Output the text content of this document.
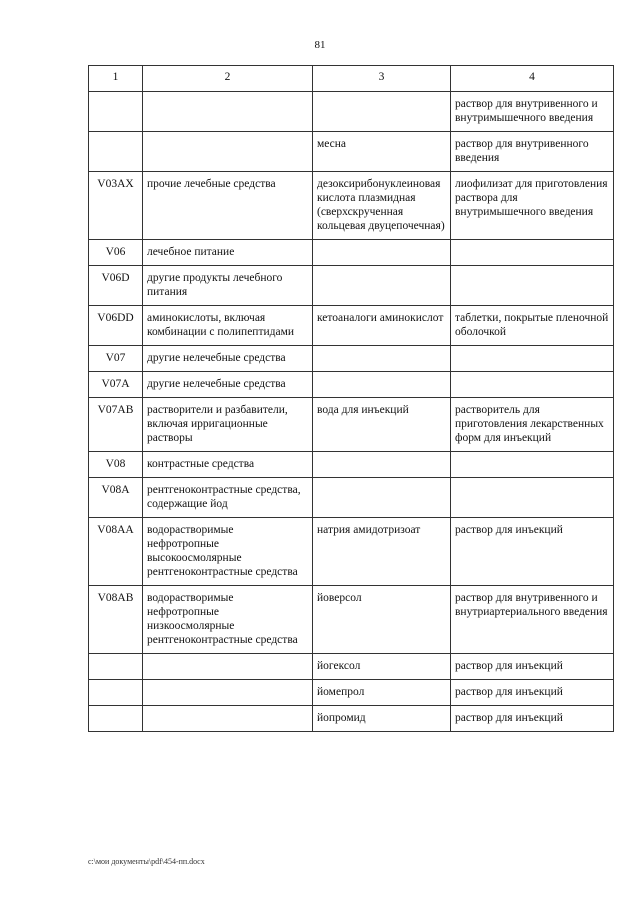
81
1	2	3	4
			раствор для внутривенного и внутримышечного введения
		месна	раствор для внутривенного введения
V03AX	прочие лечебные средства	дезоксирибонуклеиновая кислота плазмидная (сверхскрученная кольцевая двуцепочечная)	лиофилизат для приготовления раствора для внутримышечного введения
V06	лечебное питание		
V06D	другие продукты лечебного питания		
V06DD	аминокислоты, включая комбинации с полипептидами	кетоаналоги аминокислот	таблетки, покрытые пленочной оболочкой
V07	другие нелечебные средства		
V07A	другие нелечебные средства		
V07AB	растворители и разбавители, включая ирригационные растворы	вода для инъекций	растворитель для приготовления лекарственных форм для инъекций
V08	контрастные средства		
V08A	рентгеноконтрастные средства, содержащие йод		
V08AA	водорастворимые нефротропные высокоосмолярные рентгеноконтрастные средства	натрия амидотризоат	раствор для инъекций
V08AB	водорастворимые нефротропные низкоосмолярные рентгеноконтрастные средства	йоверсол	раствор для внутривенного и внутриартериального введения
		йогексол	раствор для инъекций
		йомепрол	раствор для инъекций
		йопромид	раствор для инъекций
c:\мои документы\pdf\454-пп.docx
